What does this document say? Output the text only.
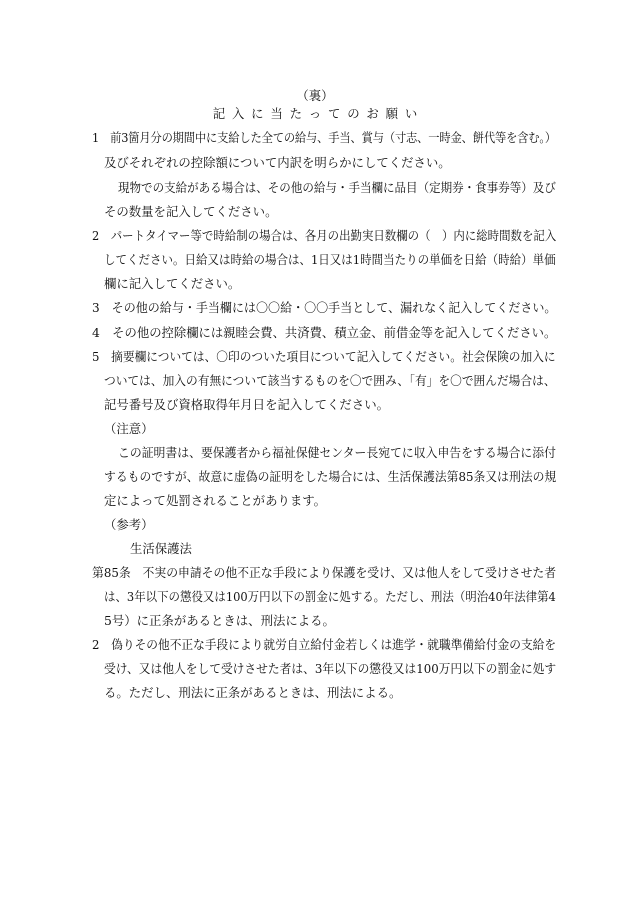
（裏）
記入に当たってのお願い
1　前3箇月分の期間中に支給した全ての給与、手当、賞与（寸志、一時金、餅代等を含む。）
及びそれぞれの控除額について内訳を明らかにしてください。
現物での支給がある場合は、その他の給与・手当欄に品目（定期券・食事券等）及び
その数量を記入してください。
2　パートタイマー等で時給制の場合は、各月の出勤実日数欄の（　）内に総時間数を記入
してください。日給又は時給の場合は、1日又は1時間当たりの単価を日給（時給）単価
欄に記入してください。
3　その他の給与・手当欄には〇〇給・〇〇手当として、漏れなく記入してください。
4　その他の控除欄には親睦会費、共済費、積立金、前借金等を記入してください。
5　摘要欄については、〇印のついた項目について記入してください。社会保険の加入に
ついては、加入の有無について該当するものを〇で囲み、「有」を〇で囲んだ場合は、
記号番号及び資格取得年月日を記入してください。
（注意）
この証明書は、要保護者から福祉保健センター長宛てに収入申告をする場合に添付
するものですが、故意に虚偽の証明をした場合には、生活保護法第85条又は刑法の規
定によって処罰されることがあります。
（参考）
生活保護法
第85条　不実の申請その他不正な手段により保護を受け、又は他人をして受けさせた者
は、3年以下の懲役又は100万円以下の罰金に処する。ただし、刑法（明治40年法律第4
5号）に正条があるときは、刑法による。
2　偽りその他不正な手段により就労自立給付金若しくは進学・就職準備給付金の支給を
受け、又は他人をして受けさせた者は、3年以下の懲役又は100万円以下の罰金に処す
る。ただし、刑法に正条があるときは、刑法による。
